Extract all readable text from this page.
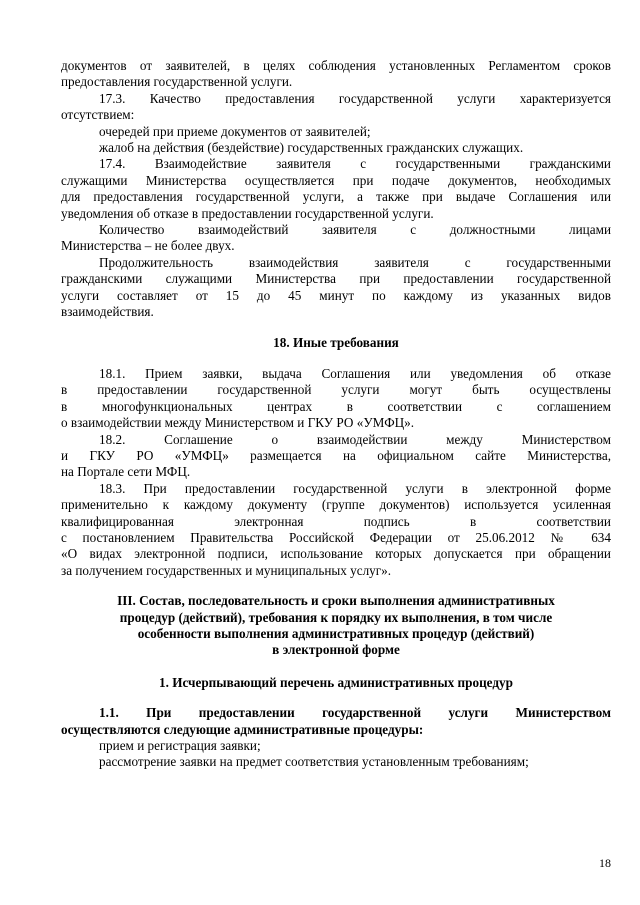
документов от заявителей, в целях соблюдения установленных Регламентом сроков
предоставления государственной услуги.

17.3. Качество предоставления государственной услуги характеризуется
отсутствием:

очередей при приеме документов от заявителей;

жалоб на действия (бездействие) государственных гражданских служащих.

17.4. Взаимодействие заявителя с государственными гражданскими
служащими Министерства осуществляется при подаче документов, необходимых
для предоставления государственной услуги, а также при выдаче Соглашения или
уведомления об отказе в предоставлении государственной услуги.

Количество взаимодействий заявителя с должностными лицами
Министерства – не более двух.

Продолжительность взаимодействия заявителя с государственными
гражданскими служащими Министерства при предоставлении государственной
услуги составляет от 15 до 45 минут по каждому из указанных видов
взаимодействия.

18. Иные требования

18.1. Прием заявки, выдача Соглашения или уведомления об отказе
в предоставлении государственной услуги могут быть осуществлены
в многофункциональных центрах в соответствии с соглашением
о взаимодействии между Министерством и ГКУ РО «УМФЦ».

18.2. Соглашение о взаимодействии между Министерством
и ГКУ РО «УМФЦ» размещается на официальном сайте Министерства,
на Портале сети МФЦ.

18.3. При предоставлении государственной услуги в электронной форме
применительно к каждому документу (группе документов) используется усиленная
квалифицированная электронная подпись в соответствии
с постановлением Правительства Российской Федерации от 25.06.2012 № 634
«О видах электронной подписи, использование которых допускается при обращении
за получением государственных и муниципальных услуг».

III. Состав, последовательность и сроки выполнения административных

процедур (действий), требования к порядку их выполнения, в том числе

особенности выполнения административных процедур (действий)

в электронной форме

1. Исчерпывающий перечень административных процедур

1.1. При предоставлении государственной услуги Министерством
осуществляются следующие административные процедуры:

прием и регистрация заявки;

рассмотрение заявки на предмет соответствия установленным требованиям;

18
